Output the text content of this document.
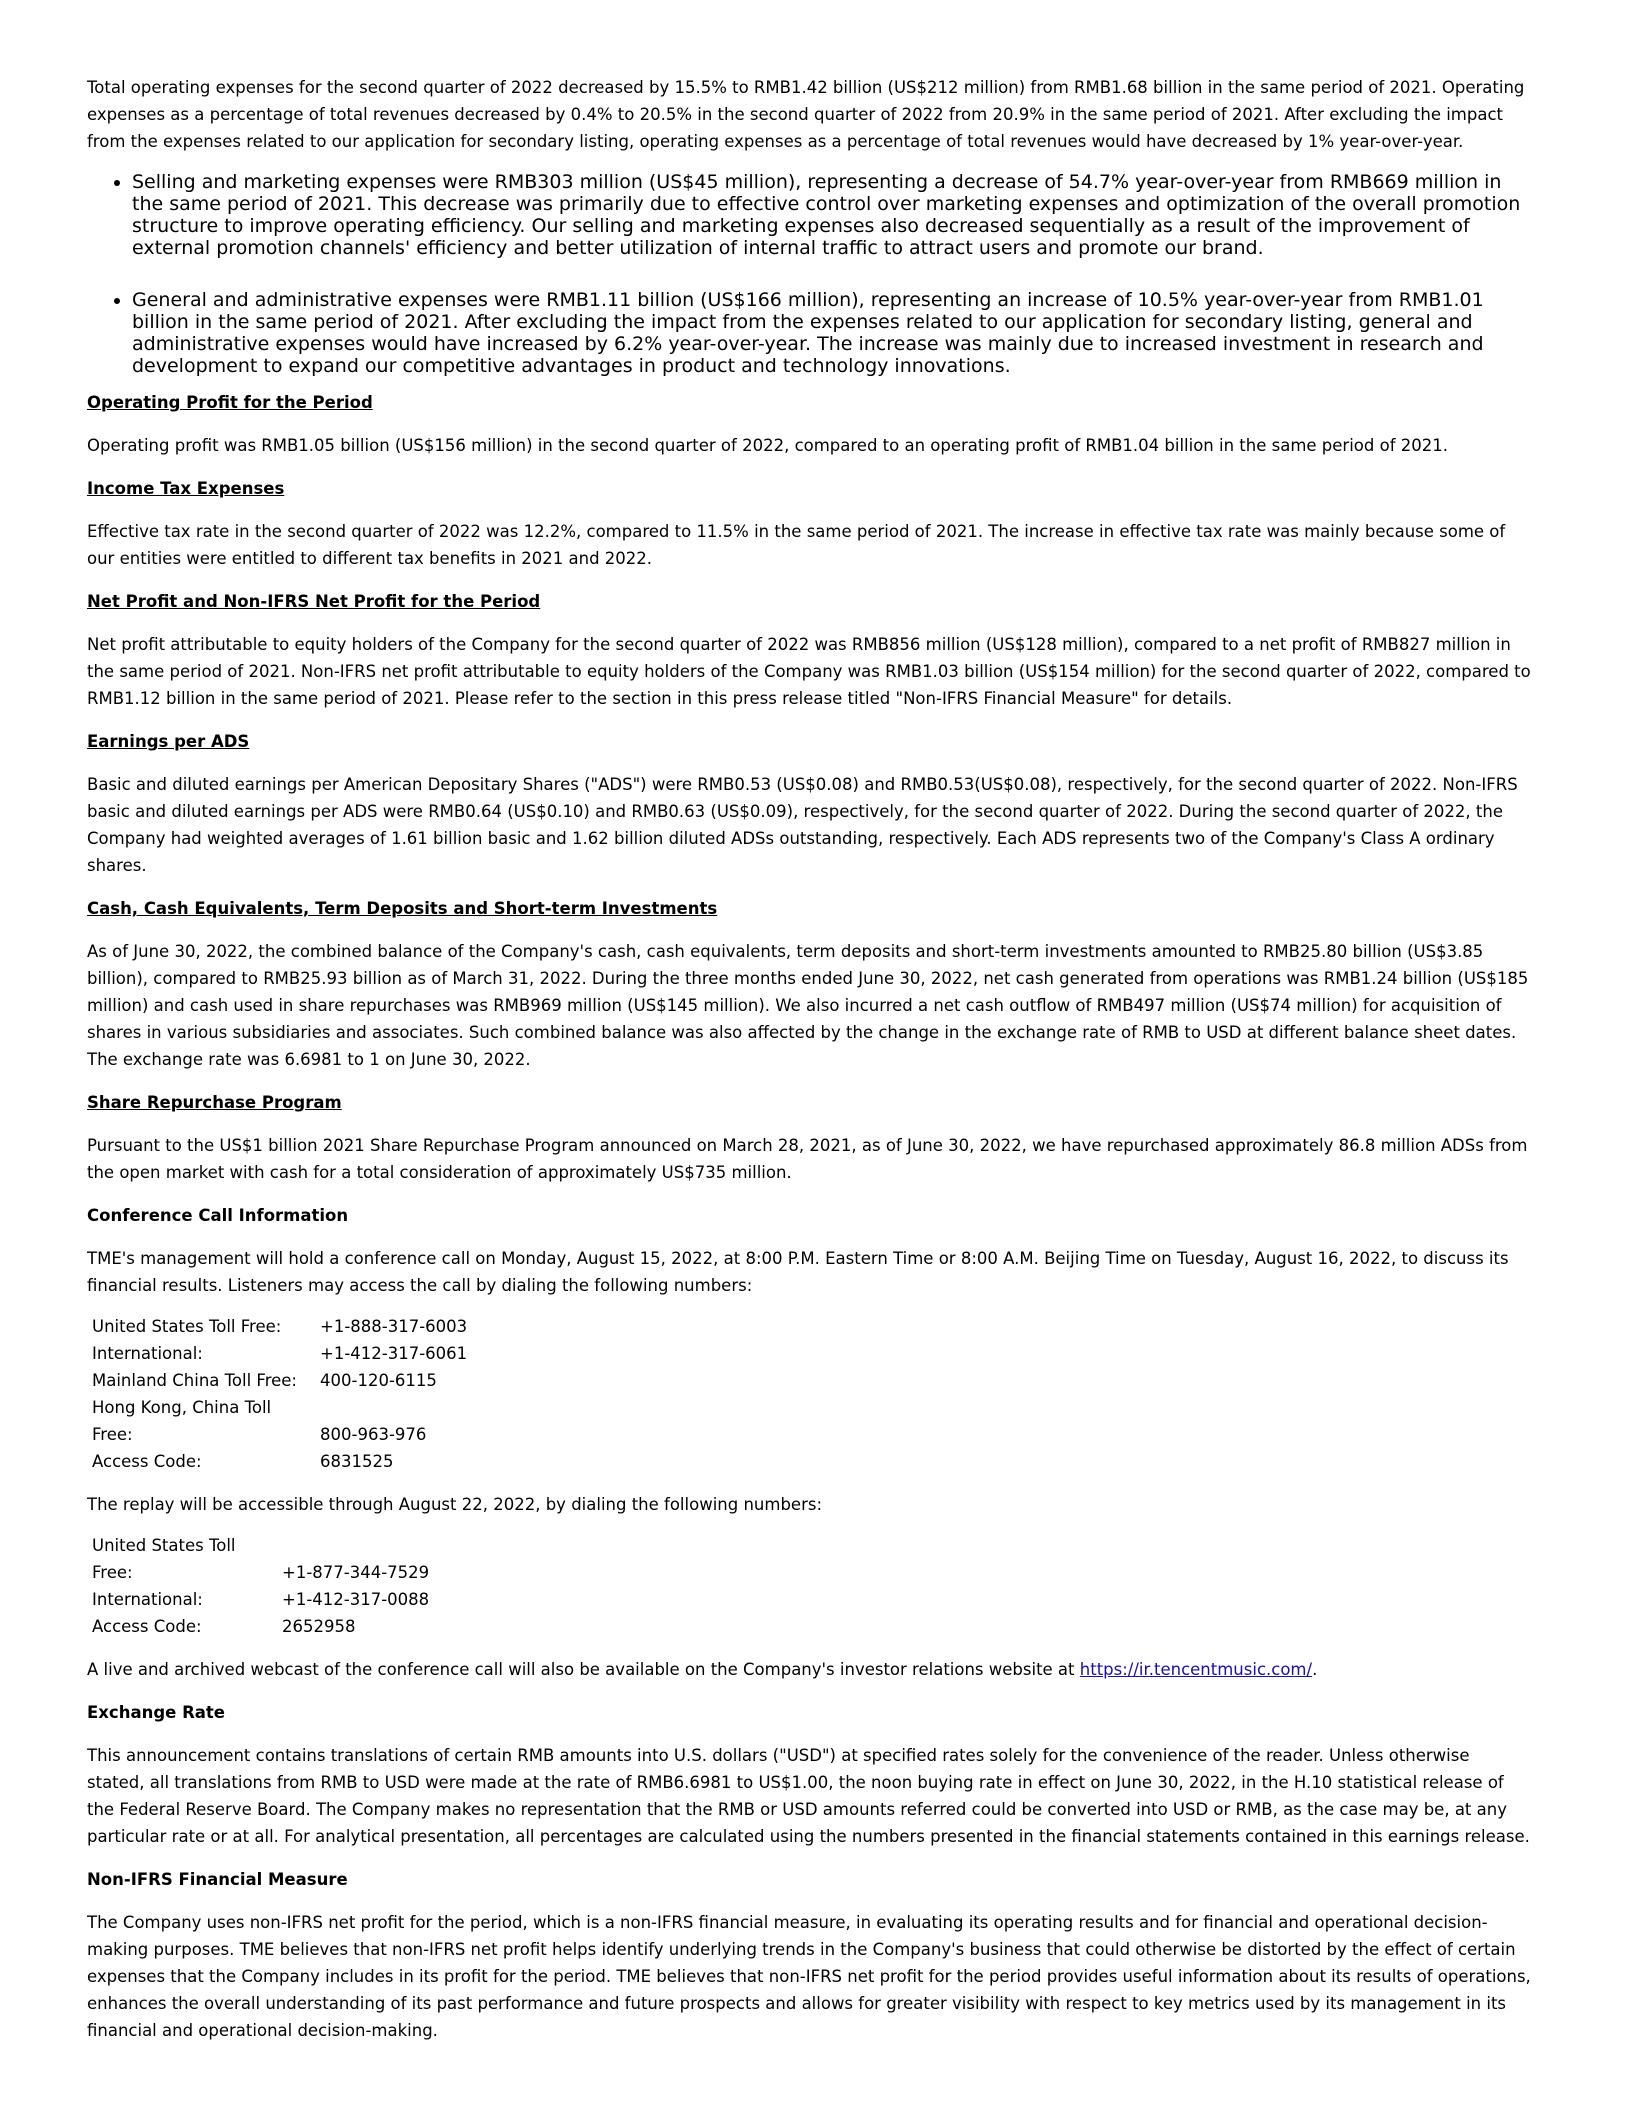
Total operating expenses for the second quarter of 2022 decreased by 15.5% to RMB1.42 billion (US$212 million) from RMB1.68 billion in the same period of 2021. Operating expenses as a percentage of total revenues decreased by 0.4% to 20.5% in the second quarter of 2022 from 20.9% in the same period of 2021. After excluding the impact from the expenses related to our application for secondary listing, operating expenses as a percentage of total revenues would have decreased by 1% year-over-year.

• Selling and marketing expenses were RMB303 million (US$45 million), representing a decrease of 54.7% year-over-year from RMB669 million in the same period of 2021. This decrease was primarily due to effective control over marketing expenses and optimization of the overall promotion structure to improve operating efficiency. Our selling and marketing expenses also decreased sequentially as a result of the improvement of external promotion channels' efficiency and better utilization of internal traffic to attract users and promote our brand.
• General and administrative expenses were RMB1.11 billion (US$166 million), representing an increase of 10.5% year-over-year from RMB1.01 billion in the same period of 2021. After excluding the impact from the expenses related to our application for secondary listing, general and administrative expenses would have increased by 6.2% year-over-year. The increase was mainly due to increased investment in research and development to expand our competitive advantages in product and technology innovations.
Operating Profit for the Period

Operating profit was RMB1.05 billion (US$156 million) in the second quarter of 2022, compared to an operating profit of RMB1.04 billion in the same period of 2021.

Income Tax Expenses

Effective tax rate in the second quarter of 2022 was 12.2%, compared to 11.5% in the same period of 2021. The increase in effective tax rate was mainly because some of our entities were entitled to different tax benefits in 2021 and 2022.

Net Profit and Non-IFRS Net Profit for the Period

Net profit attributable to equity holders of the Company for the second quarter of 2022 was RMB856 million (US$128 million), compared to a net profit of RMB827 million in the same period of 2021. Non-IFRS net profit attributable to equity holders of the Company was RMB1.03 billion (US$154 million) for the second quarter of 2022, compared to RMB1.12 billion in the same period of 2021. Please refer to the section in this press release titled "Non-IFRS Financial Measure" for details.

Earnings per ADS

Basic and diluted earnings per American Depositary Shares ("ADS") were RMB0.53 (US$0.08) and RMB0.53(US$0.08), respectively, for the second quarter of 2022. Non-IFRS basic and diluted earnings per ADS were RMB0.64 (US$0.10) and RMB0.63 (US$0.09), respectively, for the second quarter of 2022. During the second quarter of 2022, the Company had weighted averages of 1.61 billion basic and 1.62 billion diluted ADSs outstanding, respectively. Each ADS represents two of the Company's Class A ordinary shares.

Cash, Cash Equivalents, Term Deposits and Short-term Investments

As of June 30, 2022, the combined balance of the Company's cash, cash equivalents, term deposits and short-term investments amounted to RMB25.80 billion (US$3.85 billion), compared to RMB25.93 billion as of March 31, 2022. During the three months ended June 30, 2022, net cash generated from operations was RMB1.24 billion (US$185 million) and cash used in share repurchases was RMB969 million (US$145 million). We also incurred a net cash outflow of RMB497 million (US$74 million) for acquisition of shares in various subsidiaries and associates. Such combined balance was also affected by the change in the exchange rate of RMB to USD at different balance sheet dates. The exchange rate was 6.6981 to 1 on June 30, 2022.

Share Repurchase Program

Pursuant to the US$1 billion 2021 Share Repurchase Program announced on March 28, 2021, as of June 30, 2022, we have repurchased approximately 86.8 million ADSs from the open market with cash for a total consideration of approximately US$735 million.

Conference Call Information

TME's management will hold a conference call on Monday, August 15, 2022, at 8:00 P.M. Eastern Time or 8:00 A.M. Beijing Time on Tuesday, August 16, 2022, to discuss its financial results. Listeners may access the call by dialing the following numbers:

United States Toll Free:	+1-888-317-6003
International:	+1-412-317-6061
Mainland China Toll Free:	400-120-6115
Hong Kong, China Toll	
Free:	800-963-976
Access Code:	6831525

The replay will be accessible through August 22, 2022, by dialing the following numbers:

United States Toll	
Free:	+1-877-344-7529
International:	+1-412-317-0088
Access Code:	2652958

A live and archived webcast of the conference call will also be available on the Company's investor relations website at https://ir.tencentmusic.com/.

Exchange Rate

This announcement contains translations of certain RMB amounts into U.S. dollars ("USD") at specified rates solely for the convenience of the reader. Unless otherwise stated, all translations from RMB to USD were made at the rate of RMB6.6981 to US$1.00, the noon buying rate in effect on June 30, 2022, in the H.10 statistical release of the Federal Reserve Board. The Company makes no representation that the RMB or USD amounts referred could be converted into USD or RMB, as the case may be, at any particular rate or at all. For analytical presentation, all percentages are calculated using the numbers presented in the financial statements contained in this earnings release.

Non-IFRS Financial Measure

The Company uses non-IFRS net profit for the period, which is a non-IFRS financial measure, in evaluating its operating results and for financial and operational decision-making purposes. TME believes that non-IFRS net profit helps identify underlying trends in the Company's business that could otherwise be distorted by the effect of certain expenses that the Company includes in its profit for the period. TME believes that non-IFRS net profit for the period provides useful information about its results of operations, enhances the overall understanding of its past performance and future prospects and allows for greater visibility with respect to key metrics used by its management in its financial and operational decision-making.
